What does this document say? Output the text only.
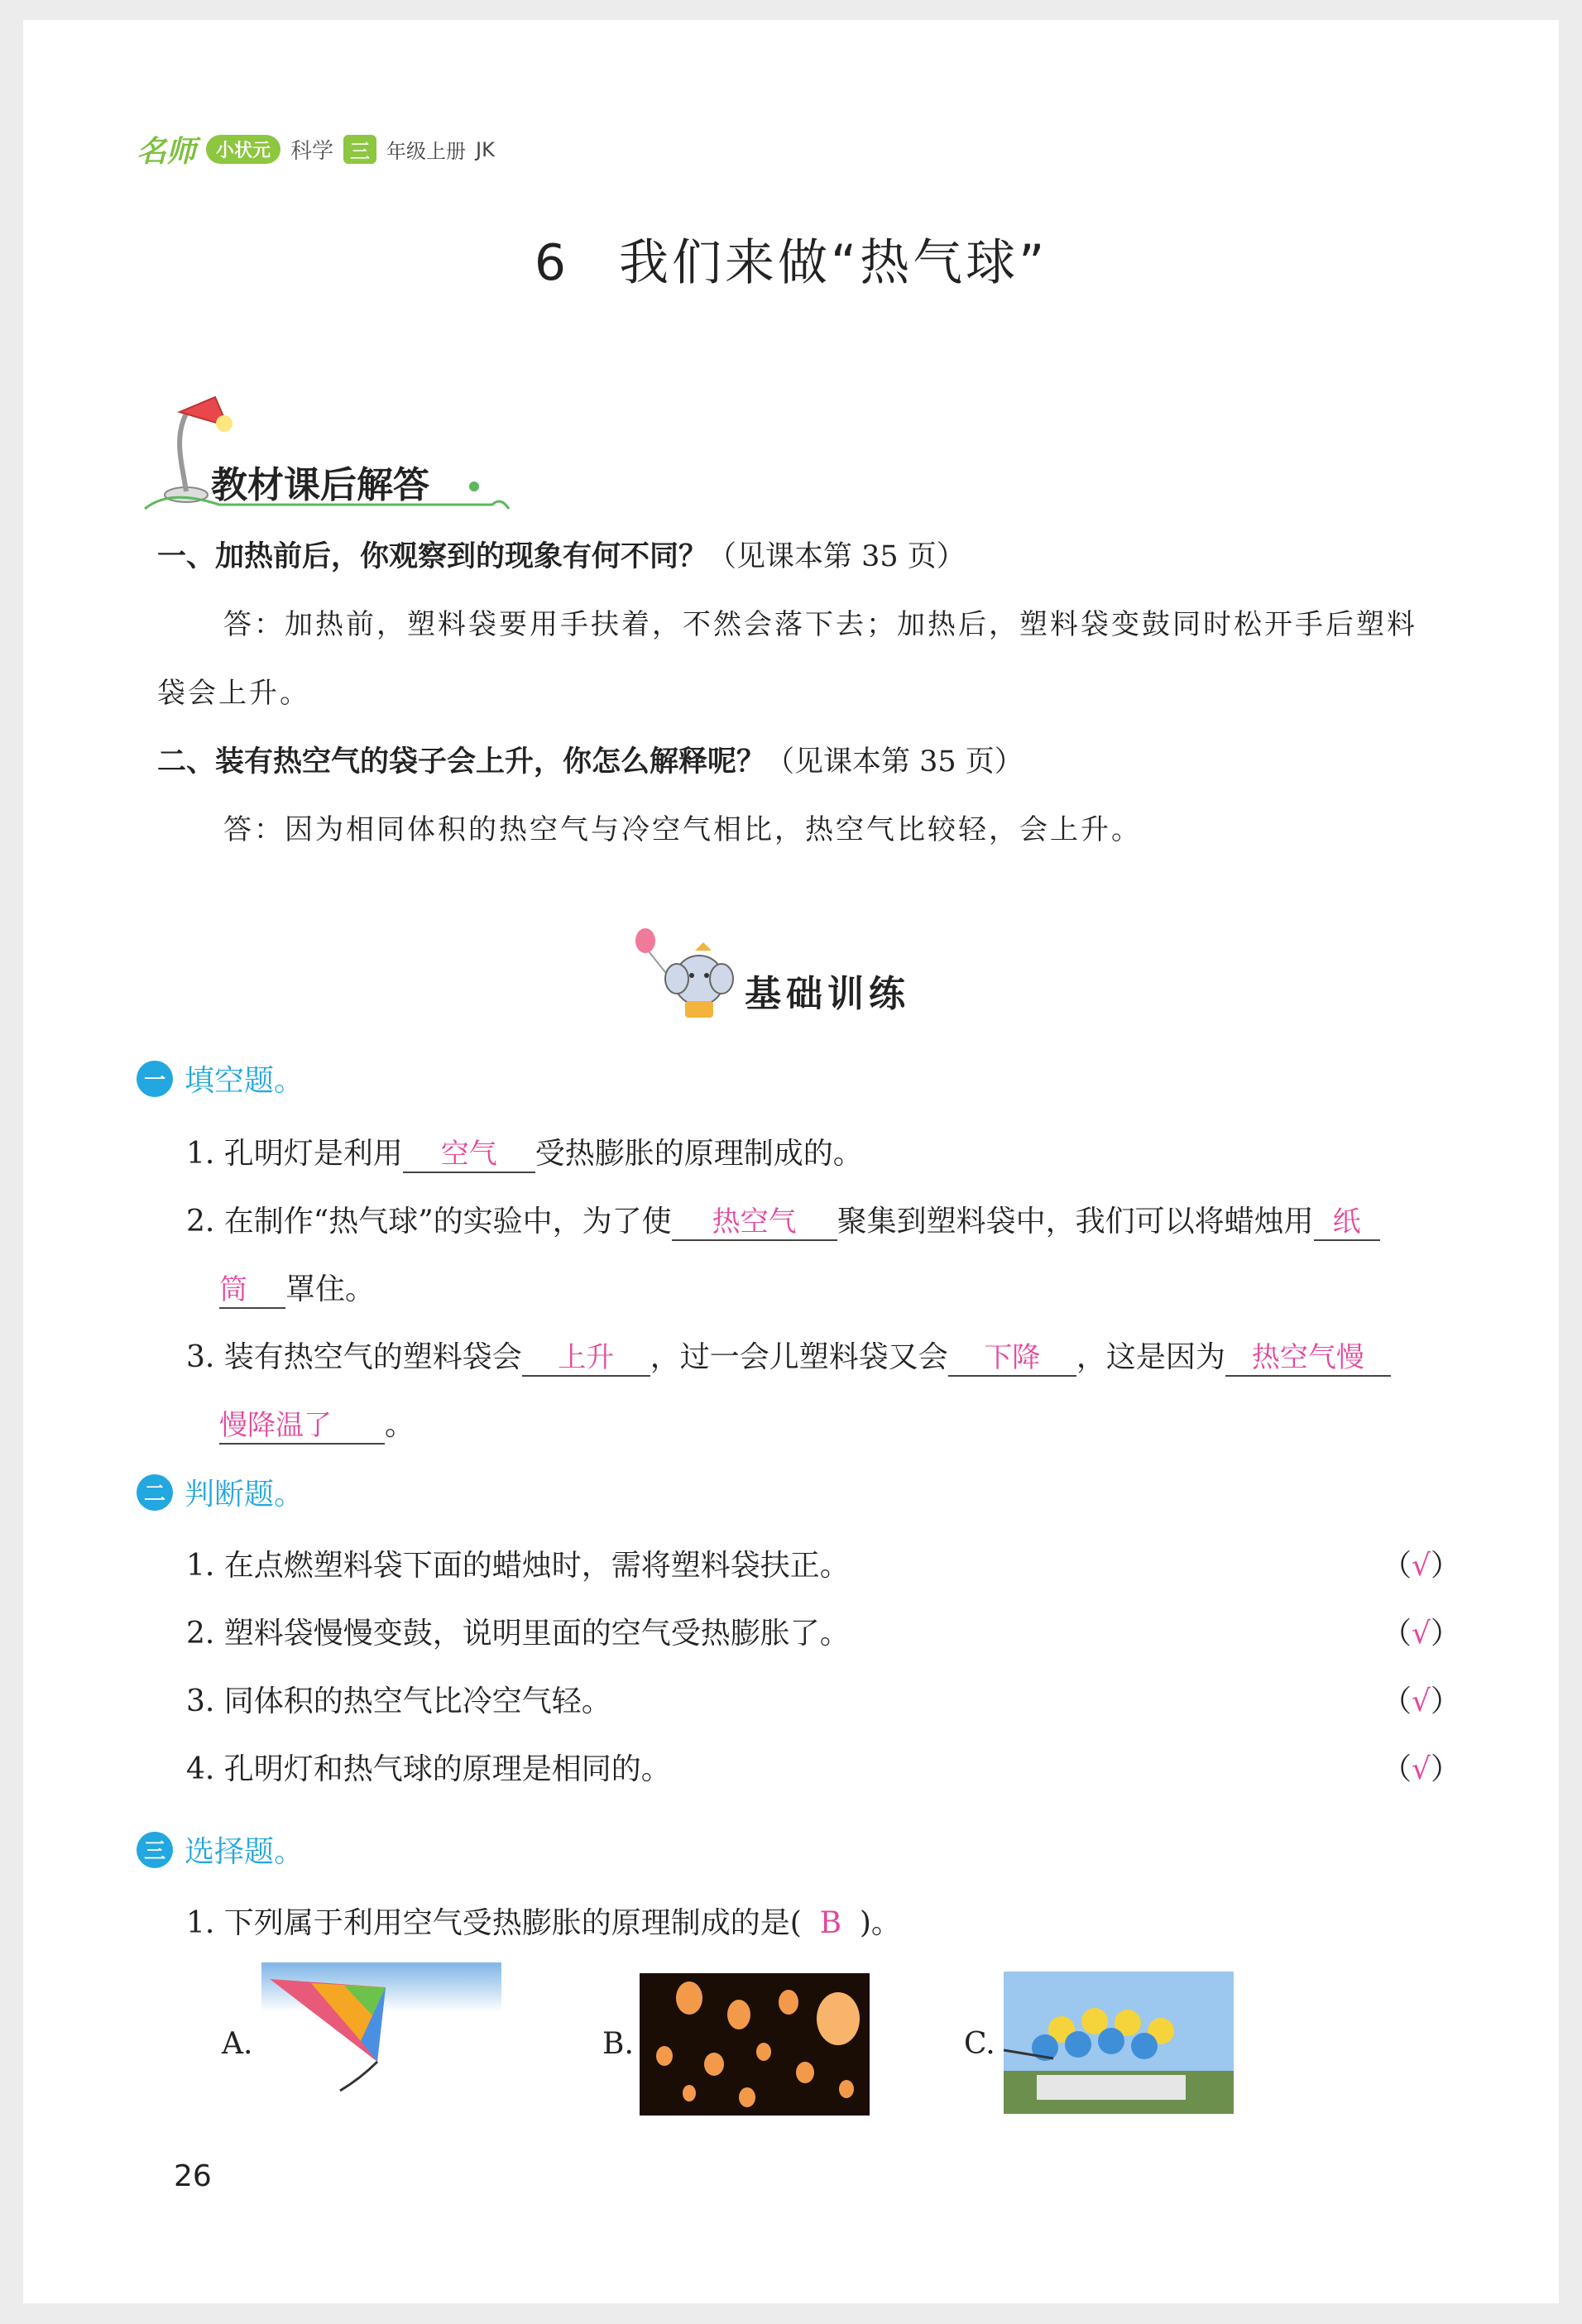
名师	小状元 科学 三 年级上册 JK
6 我们来做“热气球”
教材课后解答
一、加热前后，你观察到的现象有何不同？（见课本第 35 页）
答：加热前，塑料袋要用手扶着，不然会落下去；加热后，塑料袋变鼓同时松开手后塑料
袋会上升。
二、装有热空气的袋子会上升，你怎么解释呢？（见课本第 35 页）
答：因为相同体积的热空气与冷空气相比，热空气比较轻，会上升。
基础训练
一 填空题。
1. 孔明灯是利用 空气 受热膨胀的原理制成的。
2. 在制作“热气球”的实验中，为了使 热空气 聚集到塑料袋中，我们可以将蜡烛用 纸
筒 罩住。
3. 装有热空气的塑料袋会 上升 ，过一会儿塑料袋又会 下降 ，这是因为 热空气慢
慢降温了 。
二 判断题。
1. 在点燃塑料袋下面的蜡烛时，需将塑料袋扶正。	（√）
2. 塑料袋慢慢变鼓，说明里面的空气受热膨胀了。	（√）
3. 同体积的热空气比冷空气轻。	（√）
4. 孔明灯和热气球的原理是相同的。	（√）
三 选择题。
1. 下列属于利用空气受热膨胀的原理制成的是( B )。
A.	B.	C.
26
